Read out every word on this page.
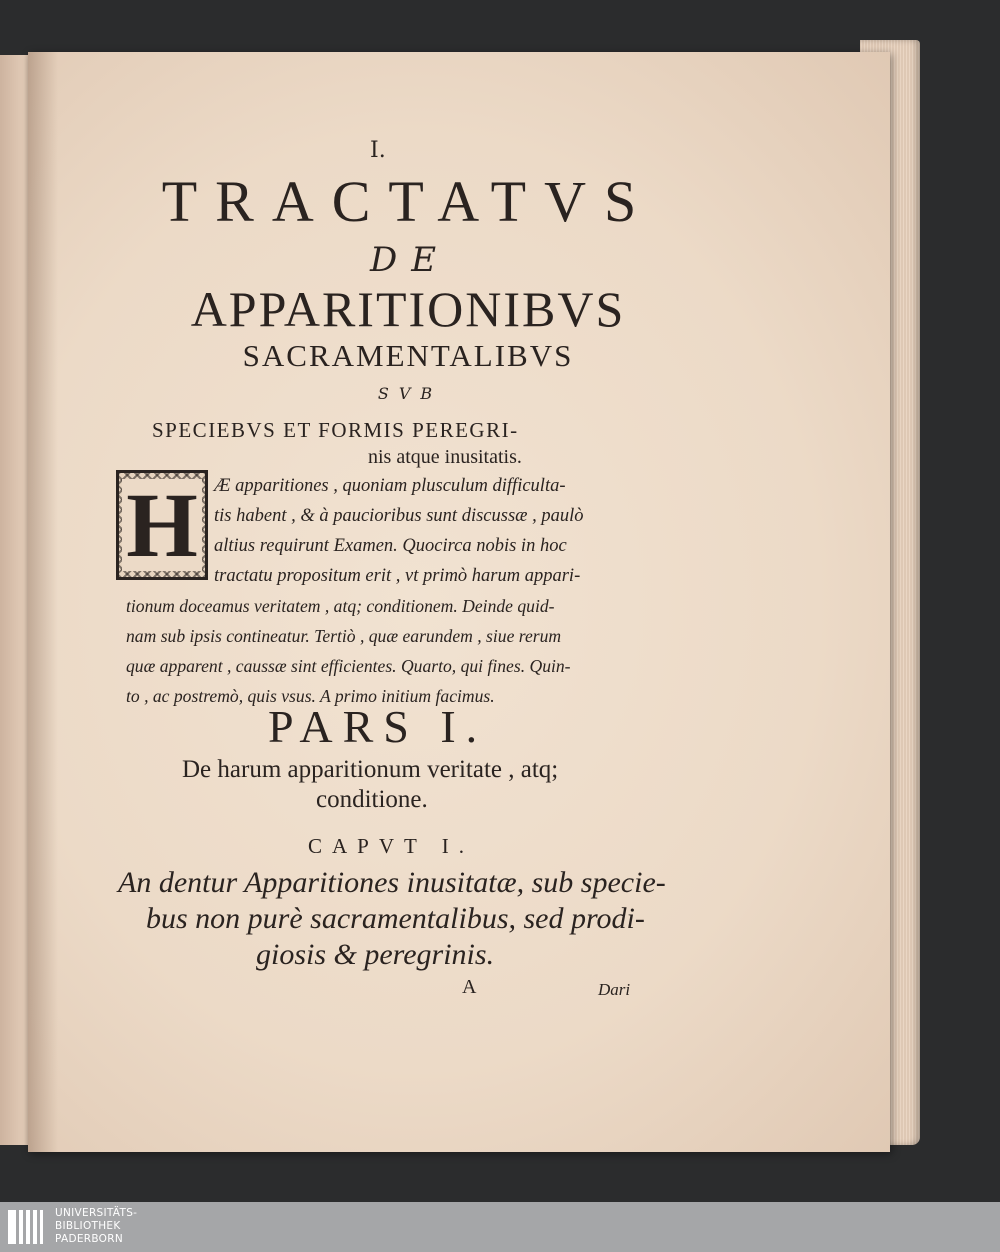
I.
TRACTATVS
DE
APPARITIONIBVS
SACRAMENTALIBVS
SVB
SPECIEBVS ET FORMIS PEREGRI-
nis atque inusitatis.
H Æ apparitiones , quoniam plusculum difficulta-
tis habent , & à paucioribus sunt discussæ , paulò
altius requirunt Examen. Quocirca nobis in hoc
tractatu propositum erit , vt primò harum appari-
tionum doceamus veritatem , atq; conditionem. Deinde quid-
nam sub ipsis contineatur. Tertiò , quæ earundem , siue rerum
quæ apparent , caussæ sint efficientes. Quarto, qui fines. Quin-
to , ac postremò, quis vsus. A primo initium facimus.
PARS I.
De harum apparitionum veritate , atq;
conditione.
CAPVT I.
An dentur Apparitiones inusitatæ, sub specie-
bus non purè sacramentalibus, sed prodi-
giosis & peregrinis.
A	Dari
UNIVERSITÄTS-
BIBLIOTHEK
PADERBORN
